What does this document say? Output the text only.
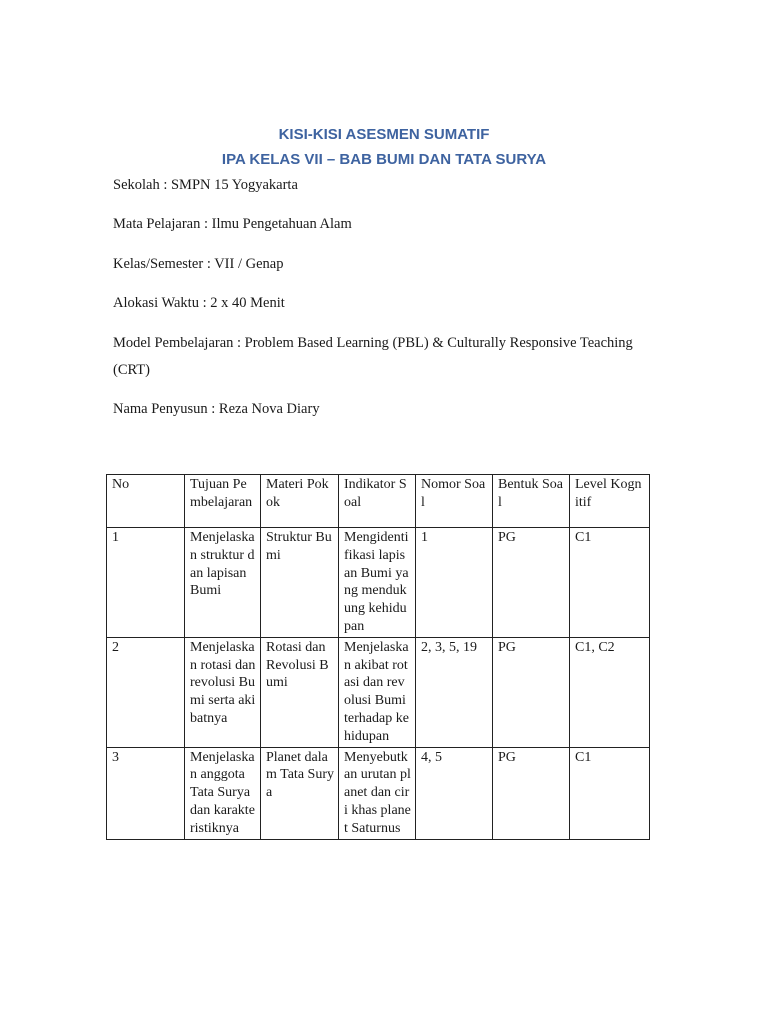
KISI-KISI ASESMEN SUMATIF
IPA KELAS VII – BAB BUMI DAN TATA SURYA

Sekolah : SMPN 15 Yogyakarta

Mata Pelajaran : Ilmu Pengetahuan Alam

Kelas/Semester : VII / Genap

Alokasi Waktu : 2 x 40 Menit

Model Pembelajaran : Problem Based Learning (PBL) & Culturally Responsive Teaching (CRT)

Nama Penyusun : Reza Nova Diary

No	Tujuan Pembelajaran	Materi Pokok	Indikator Soal	Nomor Soal	Bentuk Soal	Level Kognitif
1	Menjelaskan struktur dan lapisan Bumi	Struktur Bumi	Mengidentifikasi lapisan Bumi yang mendukung kehidupan	1	PG	C1
2	Menjelaskan rotasi dan revolusi Bumi serta akibatnya	Rotasi dan Revolusi Bumi	Menjelaskan akibat rotasi dan revolusi Bumi terhadap kehidupan	2, 3, 5, 19	PG	C1, C2
3	Menjelaskan anggota Tata Surya dan karakteristiknya	Planet dalam Tata Surya	Menyebutkan urutan planet dan ciri khas planet Saturnus	4, 5	PG	C1
